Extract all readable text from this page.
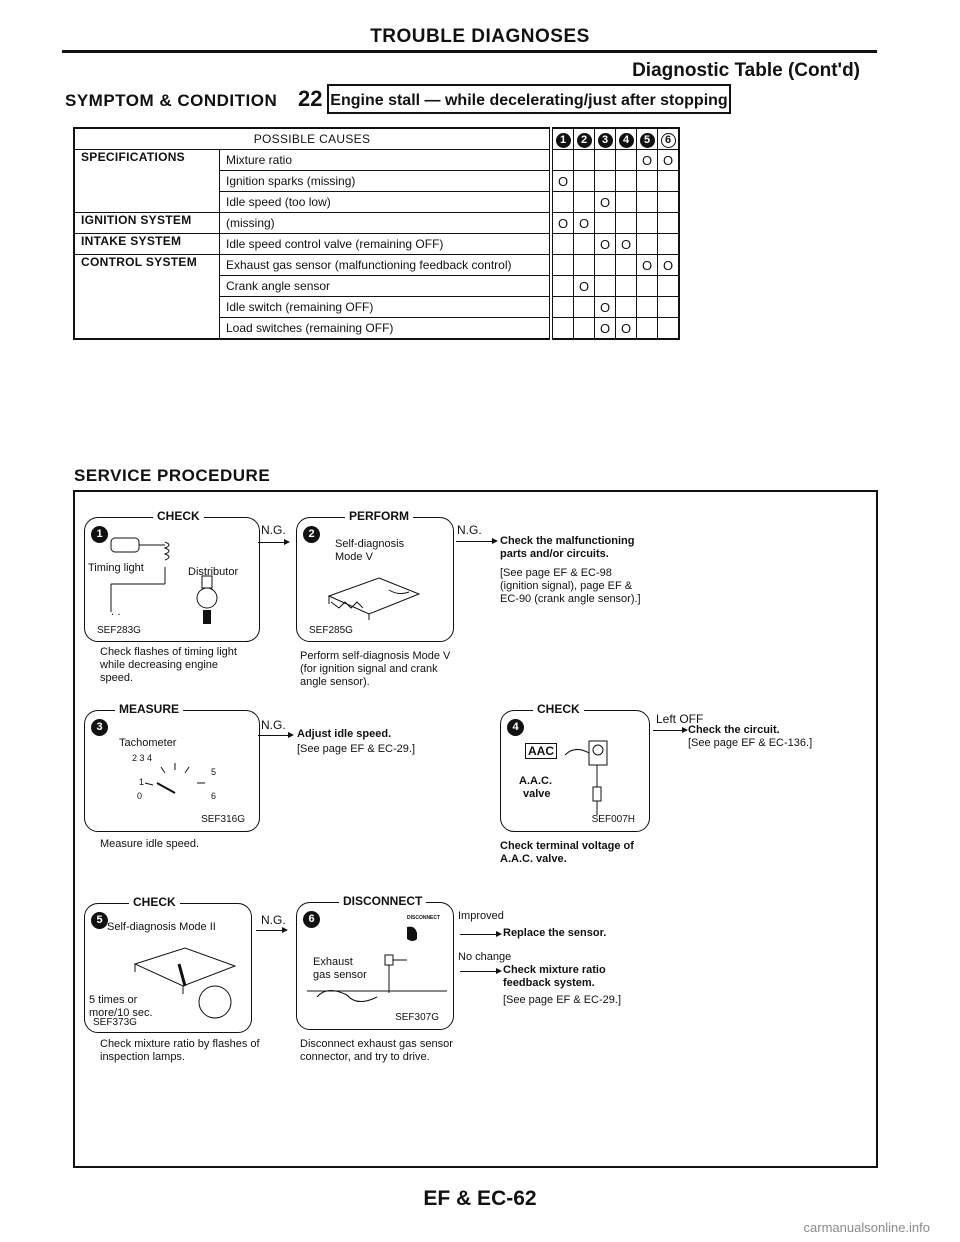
TROUBLE DIAGNOSES
Diagnostic Table (Cont'd)
SYMPTOM & CONDITION 22 Engine stall — while decelerating/just after stopping
POSSIBLE CAUSES		1	2	3	4	5	6
SPECIFICATIONS	Mixture ratio					O	O
	Ignition sparks (missing)	O					
	Idle speed (too low)			O			
IGNITION SYSTEM	(missing)	O	O				
INTAKE SYSTEM	Idle speed control valve (remaining OFF)			O	O		
CONTROL SYSTEM	Exhaust gas sensor (malfunctioning feedback control)					O	O
	Crank angle sensor		O				
	Idle switch (remaining OFF)			O			
	Load switches (remaining OFF)			O	O		
SERVICE PROCEDURE
CHECK
1
· ·
Timing light	Distributor
SEF283G
Check flashes of timing light while decreasing engine speed.
N.G.
PERFORM
2
Self-diagnosis
Mode V
SEF285G
Perform self-diagnosis Mode V (for ignition signal and crank angle sensor).
N.G.
Check the malfunctioning parts and/or circuits.
[See page EF & EC-98 (ignition signal), page EF & EC-90 (crank angle sensor).]
MEASURE
3
Tachometer
2 3 4
1
5
0	6
SEF316G
Measure idle speed.
N.G.
Adjust idle speed.
[See page EF & EC-29.]
CHECK
4
AAC
A.A.C.
valve
SEF007H
Check terminal voltage of A.A.C. valve.
Left OFF
Check the circuit.
[See page EF & EC-136.]
CHECK
5
Self-diagnosis Mode II
5 times or more/10 sec.
SEF373G
Check mixture ratio by flashes of inspection lamps.
N.G.
DISCONNECT
6	DISCONNECT
Exhaust gas sensor
SEF307G
Disconnect exhaust gas sensor connector, and try to drive.
Improved
Replace the sensor.
No change
Check mixture ratio feedback system.
[See page EF & EC-29.]
EF & EC-62
carmanualsonline.info
